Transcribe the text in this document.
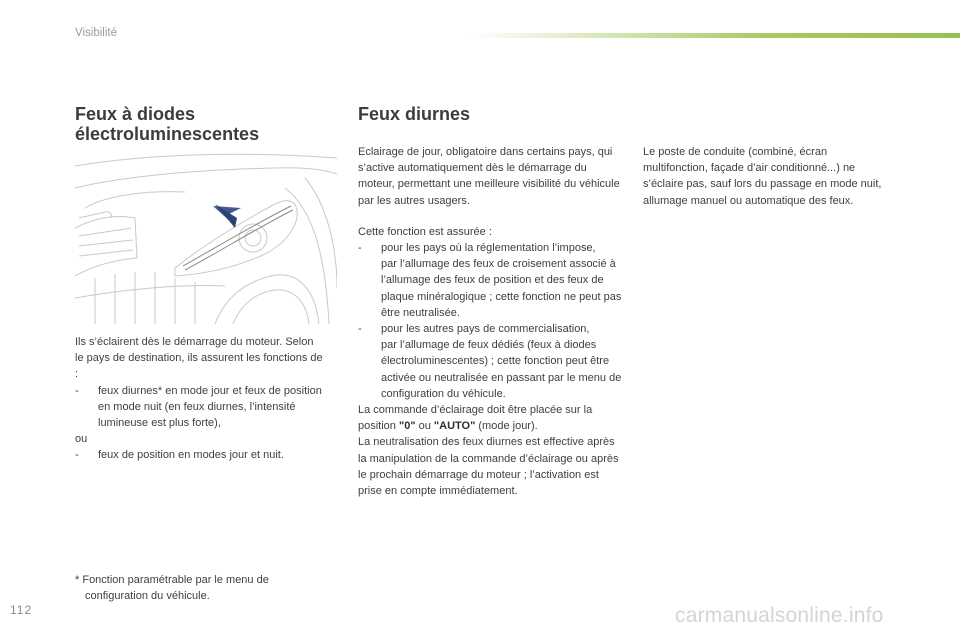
Visibilité
Feux à diodes
électroluminescentes

Ils s’éclairent dès le démarrage du moteur. Selon le pays de destination, ils assurent les fonctions de :

-	feux diurnes* en mode jour et feux de position en mode nuit (en feux diurnes, l’intensité lumineuse est plus forte),

ou

-	feux de position en modes jour et nuit.
* Fonction paramétrable par le menu de
configuration du véhicule.
Feux diurnes

Eclairage de jour, obligatoire dans certains pays, qui s’active automatiquement dès le démarrage du moteur, permettant une meilleure visibilité du véhicule par les autres usagers.

Cette fonction est assurée :

-	pour les pays où la réglementation l’impose,
par l’allumage des feux de croisement associé à l’allumage des feux de position et des feux de plaque minéralogique ; cette fonction ne peut pas être neutralisée.
-	pour les autres pays de commercialisation,
par l’allumage de feux dédiés (feux à diodes électroluminescentes) ; cette fonction peut être activée ou neutralisée en passant par le menu de configuration du véhicule.

La commande d’éclairage doit être placée sur la position "0" ou "AUTO" (mode jour).

La neutralisation des feux diurnes est effective après la manipulation de la commande d’éclairage ou après le prochain démarrage du moteur ; l’activation est prise en compte immédiatement.

Le poste de conduite (combiné, écran multifonction, façade d’air conditionné...) ne s’éclaire pas, sauf lors du passage en mode nuit, allumage manuel ou automatique des feux.

112	carmanualsonline.info
